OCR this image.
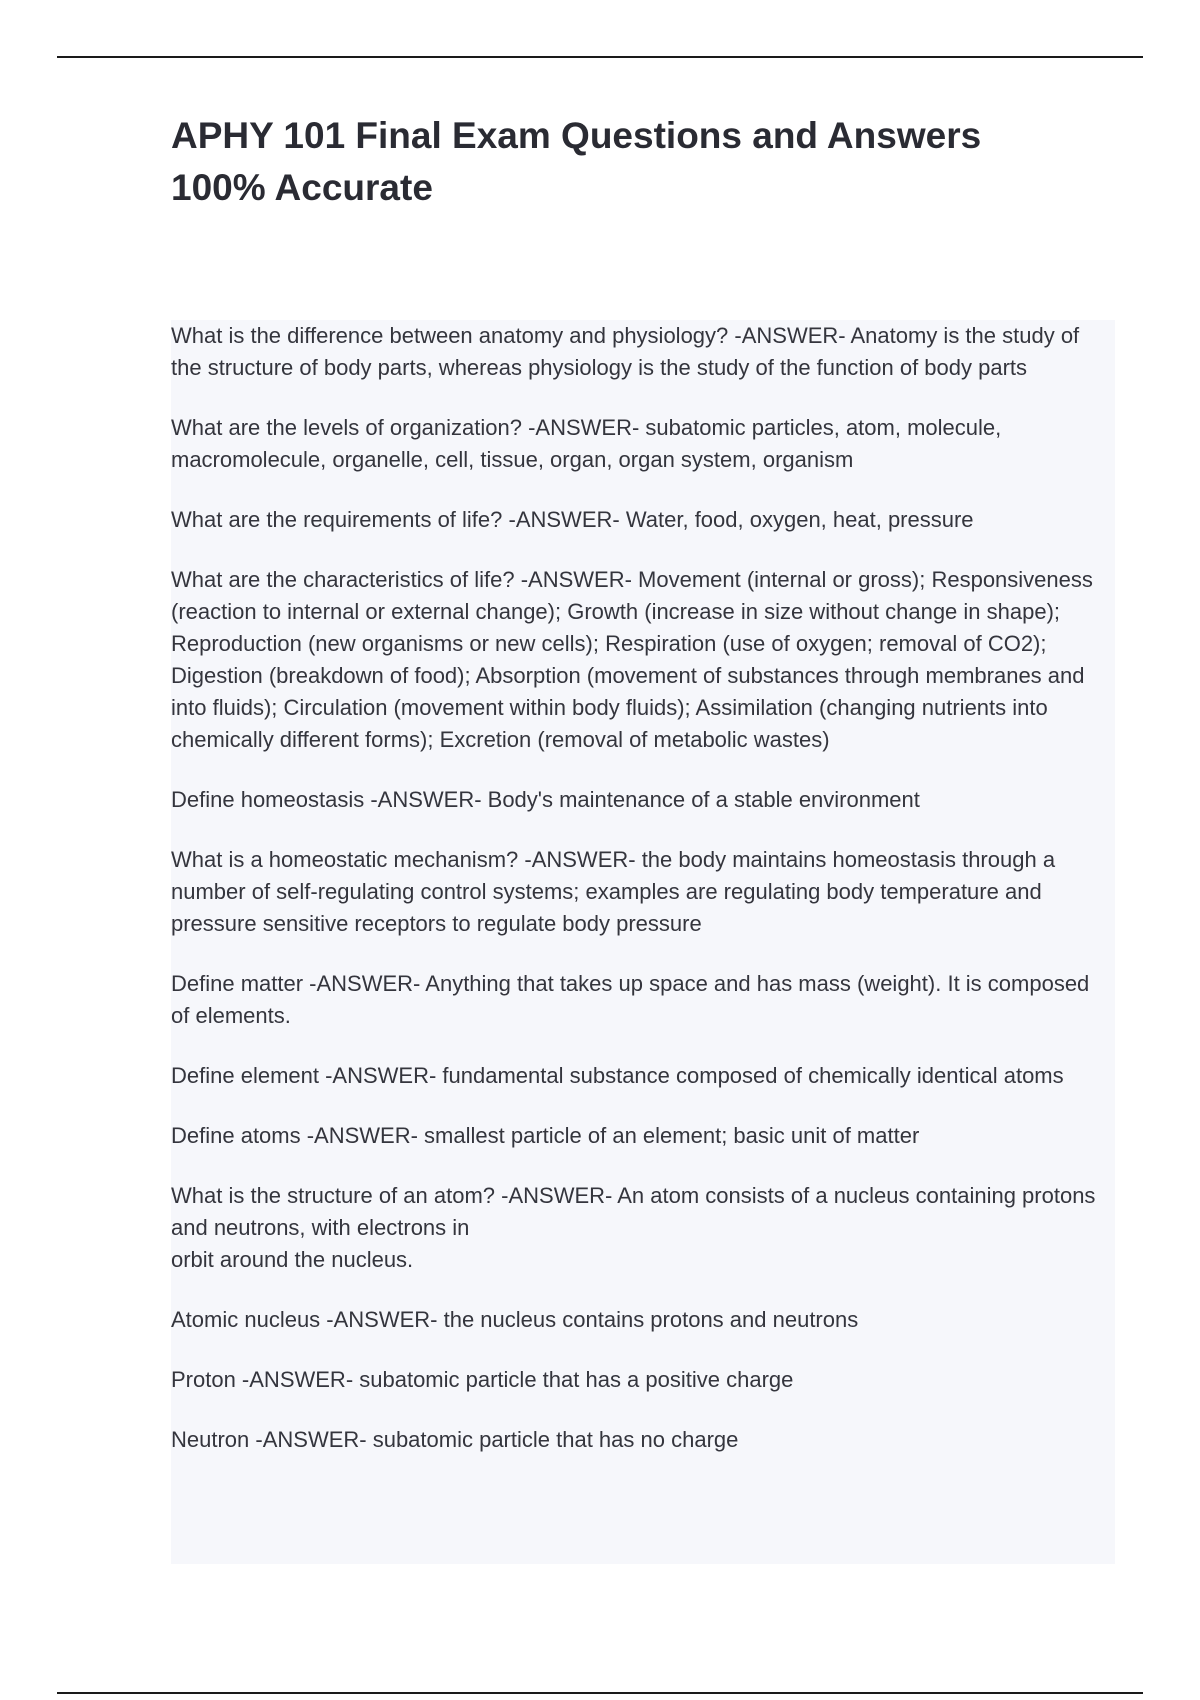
APHY 101 Final Exam Questions and Answers
100% Accurate

What is the difference between anatomy and physiology? -ANSWER- Anatomy is the study of the structure of body parts, whereas physiology is the study of the function of body parts

What are the levels of organization? -ANSWER- subatomic particles, atom, molecule, macromolecule, organelle, cell, tissue, organ, organ system, organism

What are the requirements of life? -ANSWER- Water, food, oxygen, heat, pressure

What are the characteristics of life? -ANSWER- Movement (internal or gross); Responsiveness (reaction to internal or external change); Growth (increase in size without change in shape); Reproduction (new organisms or new cells); Respiration (use of oxygen; removal of CO2); Digestion (breakdown of food); Absorption (movement of substances through membranes and into fluids); Circulation (movement within body fluids); Assimilation (changing nutrients into chemically different forms); Excretion (removal of metabolic wastes)

Define homeostasis -ANSWER- Body's maintenance of a stable environment

What is a homeostatic mechanism? -ANSWER- the body maintains homeostasis through a number of self-regulating control systems; examples are regulating body temperature and pressure sensitive receptors to regulate body pressure

Define matter -ANSWER- Anything that takes up space and has mass (weight). It is composed of elements.

Define element -ANSWER- fundamental substance composed of chemically identical atoms

Define atoms -ANSWER- smallest particle of an element; basic unit of matter

What is the structure of an atom? -ANSWER- An atom consists of a nucleus containing protons and neutrons, with electrons in
orbit around the nucleus.

Atomic nucleus -ANSWER- the nucleus contains protons and neutrons

Proton -ANSWER- subatomic particle that has a positive charge

Neutron -ANSWER- subatomic particle that has no charge
